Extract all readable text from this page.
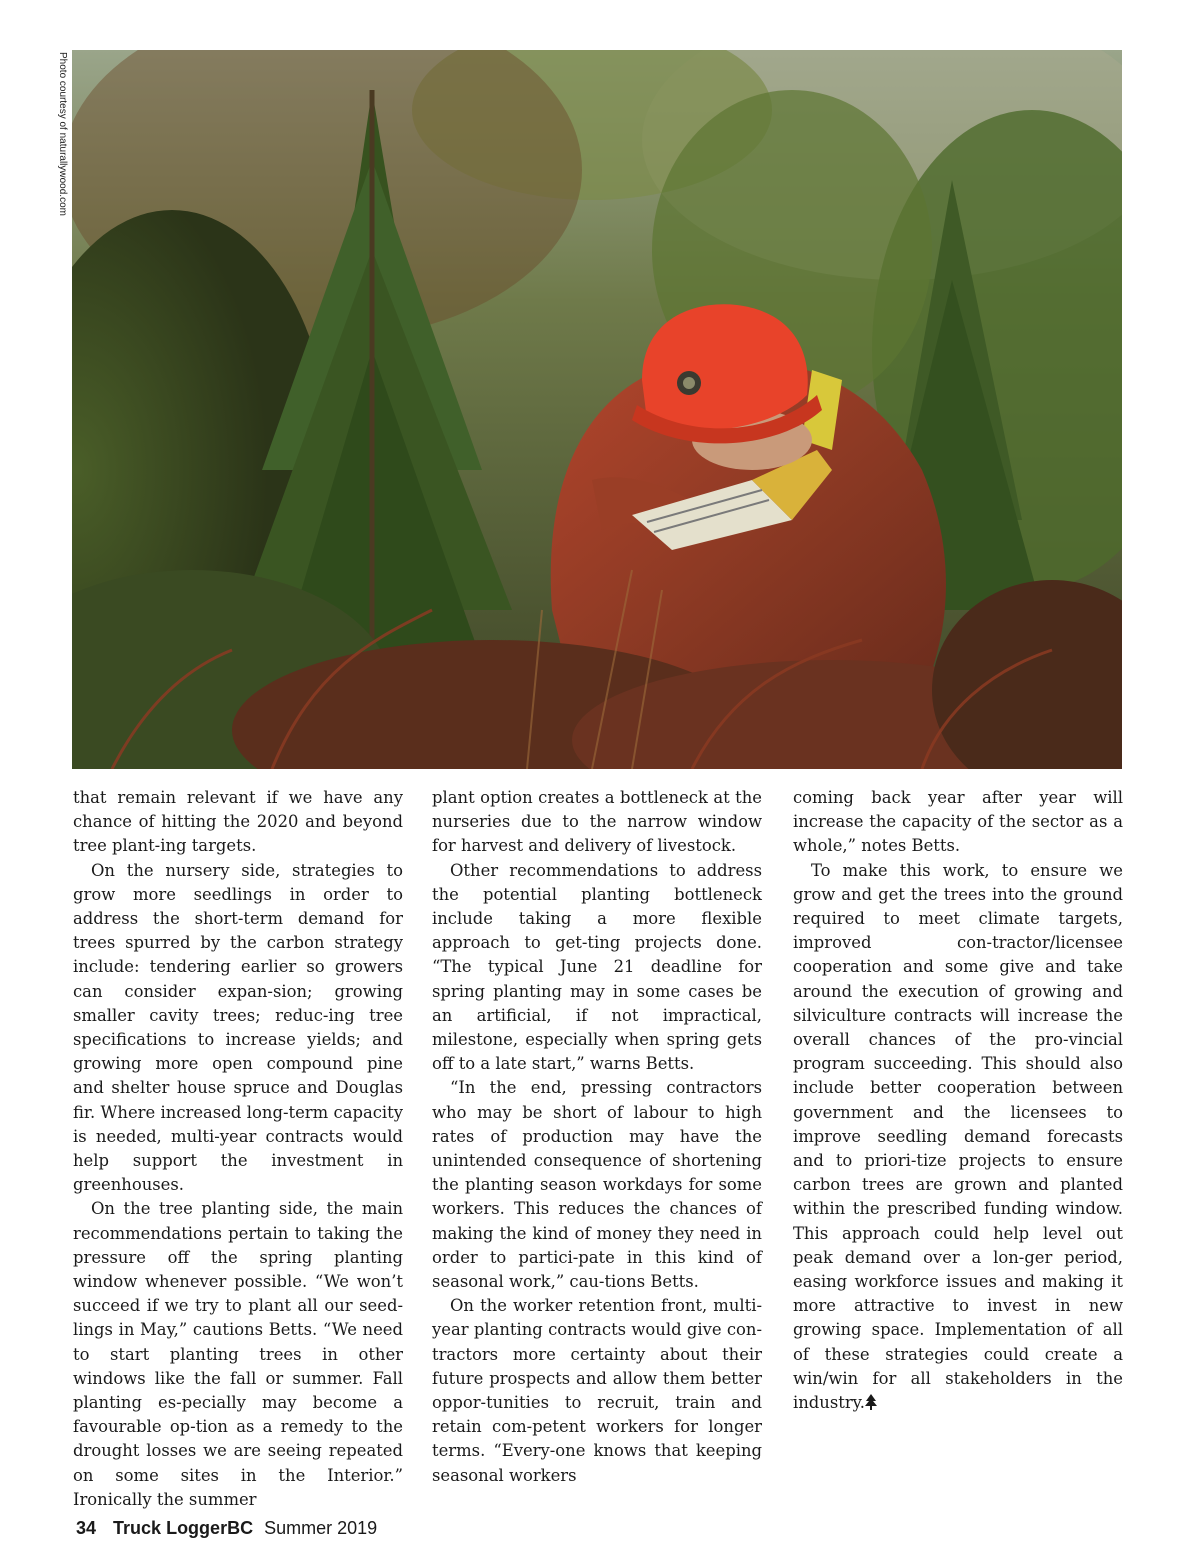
Photo courtesy of naturallywood.com

that remain relevant if we have any chance of hitting the 2020 and beyond tree plant-ing targets.

On the nursery side, strategies to grow more seedlings in order to address the short-term demand for trees spurred by the carbon strategy include: tendering earlier so growers can consider expan-sion; growing smaller cavity trees; reduc-ing tree specifications to increase yields; and growing more open compound pine and shelter house spruce and Douglas fir. Where increased long-term capacity is needed, multi-year contracts would help support the investment in greenhouses.

On the tree planting side, the main recommendations pertain to taking the pressure off the spring planting window whenever possible. “We won’t succeed if we try to plant all our seed-lings in May,” cautions Betts. “We need to start planting trees in other windows like the fall or summer. Fall planting es-pecially may become a favourable op-tion as a remedy to the drought losses we are seeing repeated on some sites in the Interior.” Ironically the summer

plant option creates a bottleneck at the nurseries due to the narrow window for harvest and delivery of livestock.

Other recommendations to address the potential planting bottleneck include taking a more flexible approach to get-ting projects done. “The typical June 21 deadline for spring planting may in some cases be an artificial, if not impractical, milestone, especially when spring gets off to a late start,” warns Betts.

“In the end, pressing contractors who may be short of labour to high rates of production may have the unintended consequence of shortening the planting season workdays for some workers. This reduces the chances of making the kind of money they need in order to partici-pate in this kind of seasonal work,” cau-tions Betts.

On the worker retention front, multi-year planting contracts would give con-tractors more certainty about their future prospects and allow them better oppor-tunities to recruit, train and retain com-petent workers for longer terms. “Every-one knows that keeping seasonal workers

coming back year after year will increase the capacity of the sector as a whole,” notes Betts.

To make this work, to ensure we grow and get the trees into the ground required to meet climate targets, improved con-tractor/licensee cooperation and some give and take around the execution of growing and silviculture contracts will increase the overall chances of the pro-vincial program succeeding. This should also include better cooperation between government and the licensees to improve seedling demand forecasts and to priori-tize projects to ensure carbon trees are grown and planted within the prescribed funding window. This approach could help level out peak demand over a lon-ger period, easing workforce issues and making it more attractive to invest in new growing space. Implementation of all of these strategies could create a win/win for all stakeholders in the industry.

34 Truck LoggerBC Summer 2019
